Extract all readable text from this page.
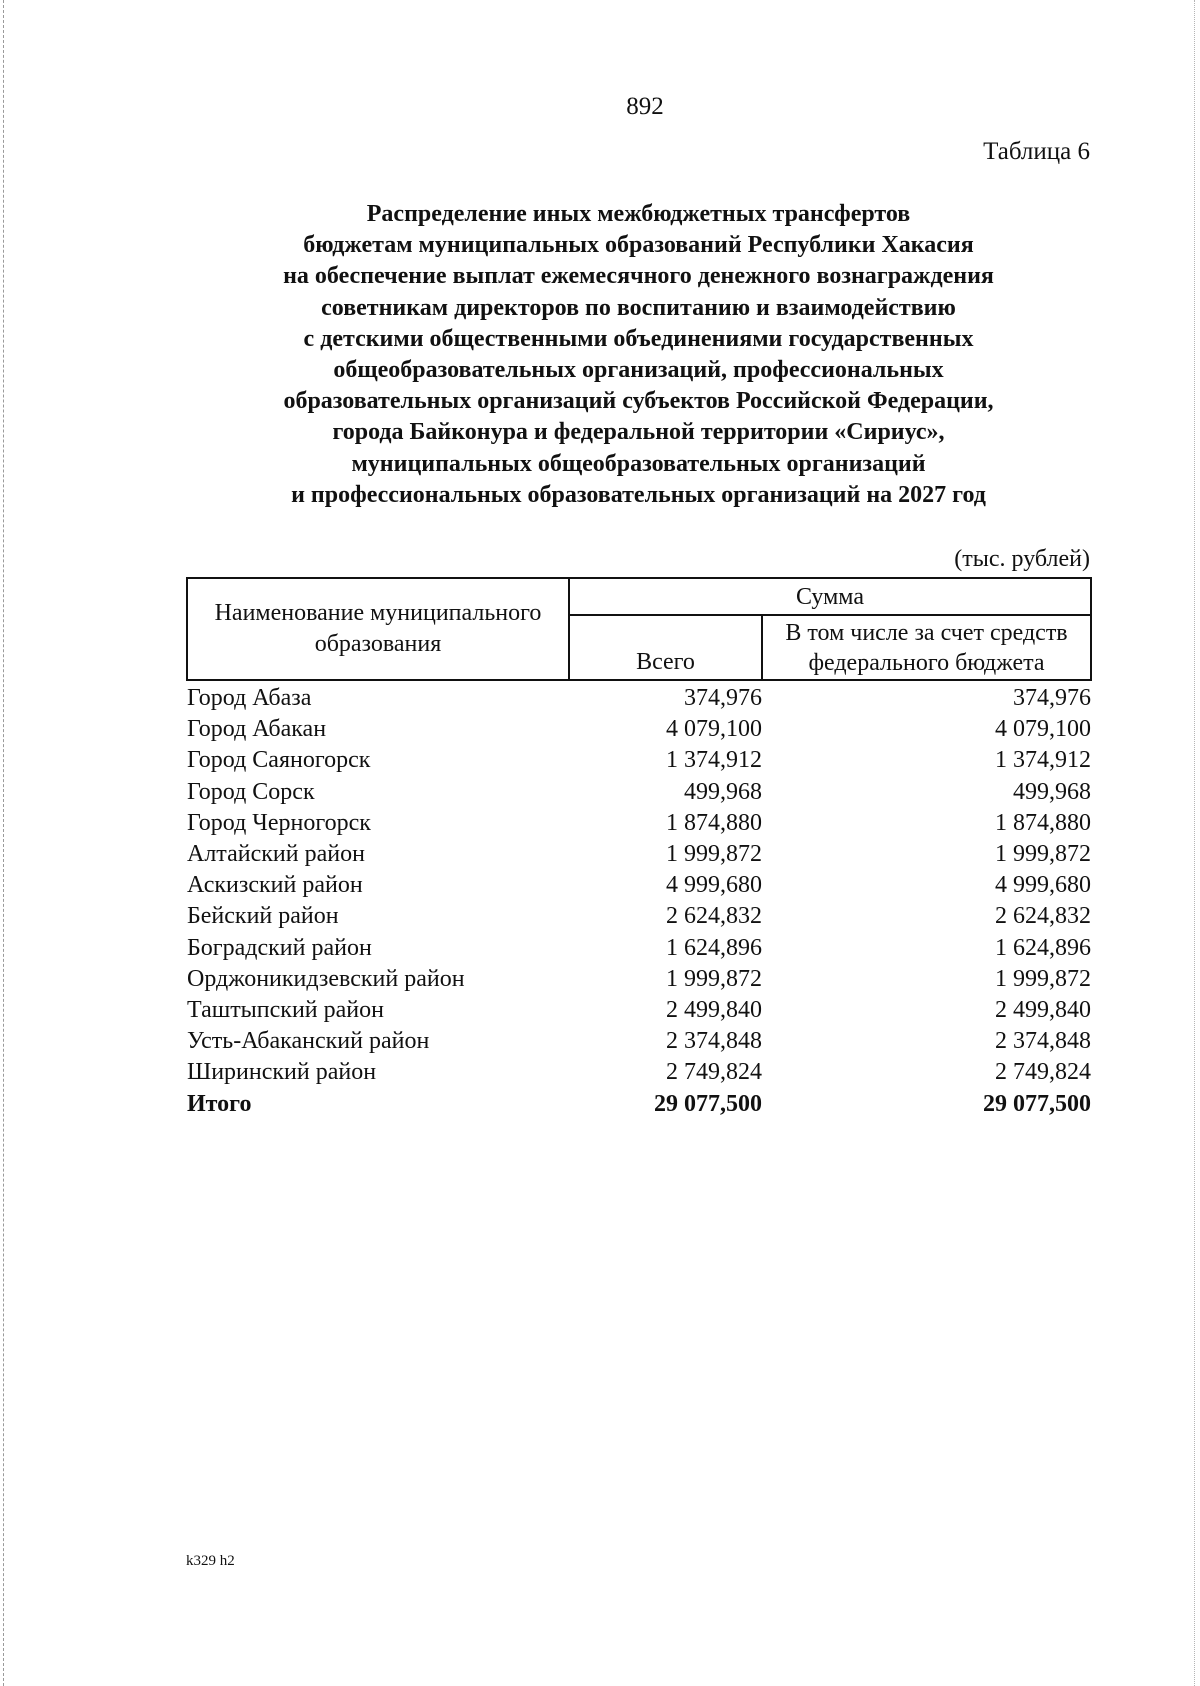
892
Таблица 6
Распределение иных межбюджетных трансфертов
бюджетам муниципальных образований Республики Хакасия
на обеспечение выплат ежемесячного денежного вознаграждения
советникам директоров по воспитанию и взаимодействию
с детскими общественными объединениями государственных
общеобразовательных организаций, профессиональных
образовательных организаций субъектов Российской Федерации,
города Байконура и федеральной территории «Сириус»,
муниципальных общеобразовательных организаций
и профессиональных образовательных организаций на 2027 год
(тыс. рублей)
Наименование муниципального образования	Сумма	
	Всего	В том числе за счет средств федерального бюджета
Город Абаза	374,976	374,976
Город Абакан	4 079,100	4 079,100
Город Саяногорск	1 374,912	1 374,912
Город Сорск	499,968	499,968
Город Черногорск	1 874,880	1 874,880
Алтайский район	1 999,872	1 999,872
Аскизский район	4 999,680	4 999,680
Бейский район	2 624,832	2 624,832
Боградский район	1 624,896	1 624,896
Орджоникидзевский район	1 999,872	1 999,872
Таштыпский район	2 499,840	2 499,840
Усть-Абаканский район	2 374,848	2 374,848
Ширинский район	2 749,824	2 749,824
Итого	29 077,500	29 077,500
k329 h2
